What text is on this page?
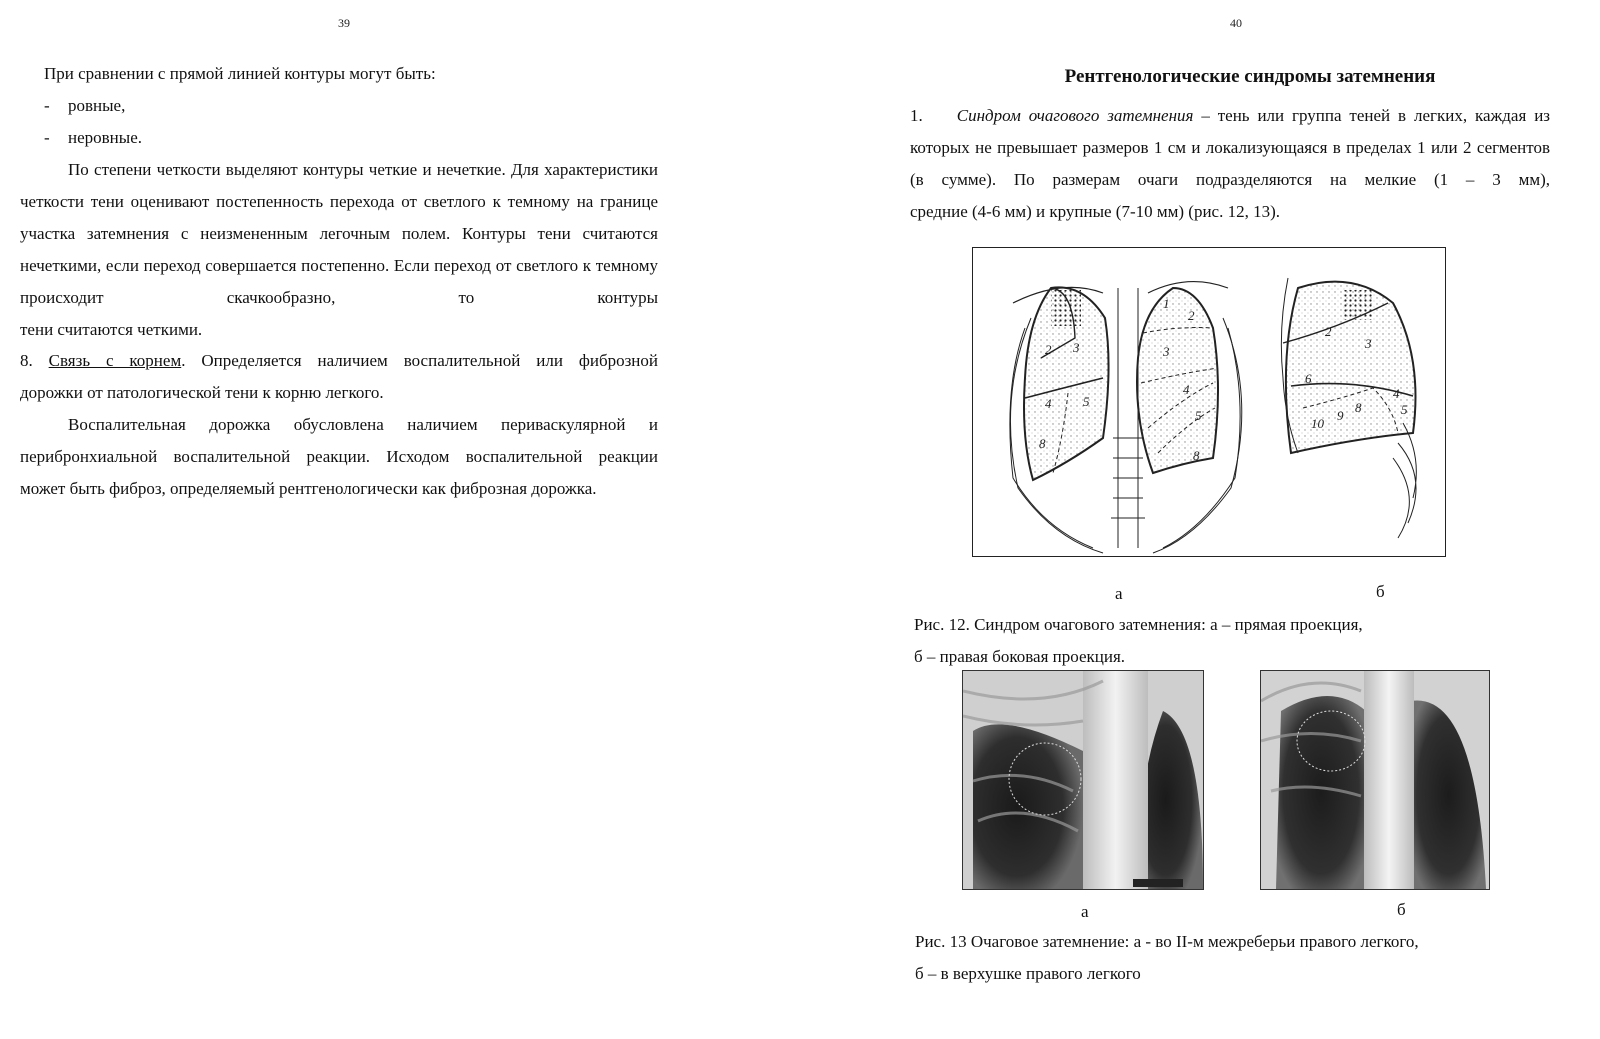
39
При сравнении с прямой линией контуры могут быть:
- ровные,
- неровные.
По степени четкости выделяют контуры четкие и нечеткие. Для характеристики четкости тени оценивают постепенность перехода от светлого к темному на границе участка затемнения с неизмененным легочным полем. Контуры тени считаются нечеткими, если переход совершается постепенно. Если переход от светлого к темному происходит скачкообразно, то контуры
тени считаются четкими.
8. Связь с корнем. Определяется наличием воспалительной или фиброзной
дорожки от патологической тени к корню легкого.
Воспалительная дорожка обусловлена наличием периваскулярной и перибронхиальной воспалительной реакции. Исходом воспалительной реакции
может быть фиброз, определяемый рентгенологически как фиброзная дорожка.
40
Рентгенологические синдромы затемнения
1. Синдром очагового затемнения – тень или группа теней в легких, каждая из которых не превышает размеров 1 см и локализующаяся в пределах 1 или 2 сегментов (в сумме). По размерам очаги подразделяются на мелкие (1 – 3 мм),
средние (4-6 мм) и крупные (7-10 мм) (рис. 12, 13).
2 3
4 5
8
1
2
3
4
5
8
2
3
4
5
6
8
9
10
а	б
Рис. 12. Синдром очагового затемнения: а – прямая проекция,
б – правая боковая проекция.
а	б
Рис. 13 Очаговое затемнение: а - во II-м межреберьи правого легкого,
б – в верхушке правого легкого
